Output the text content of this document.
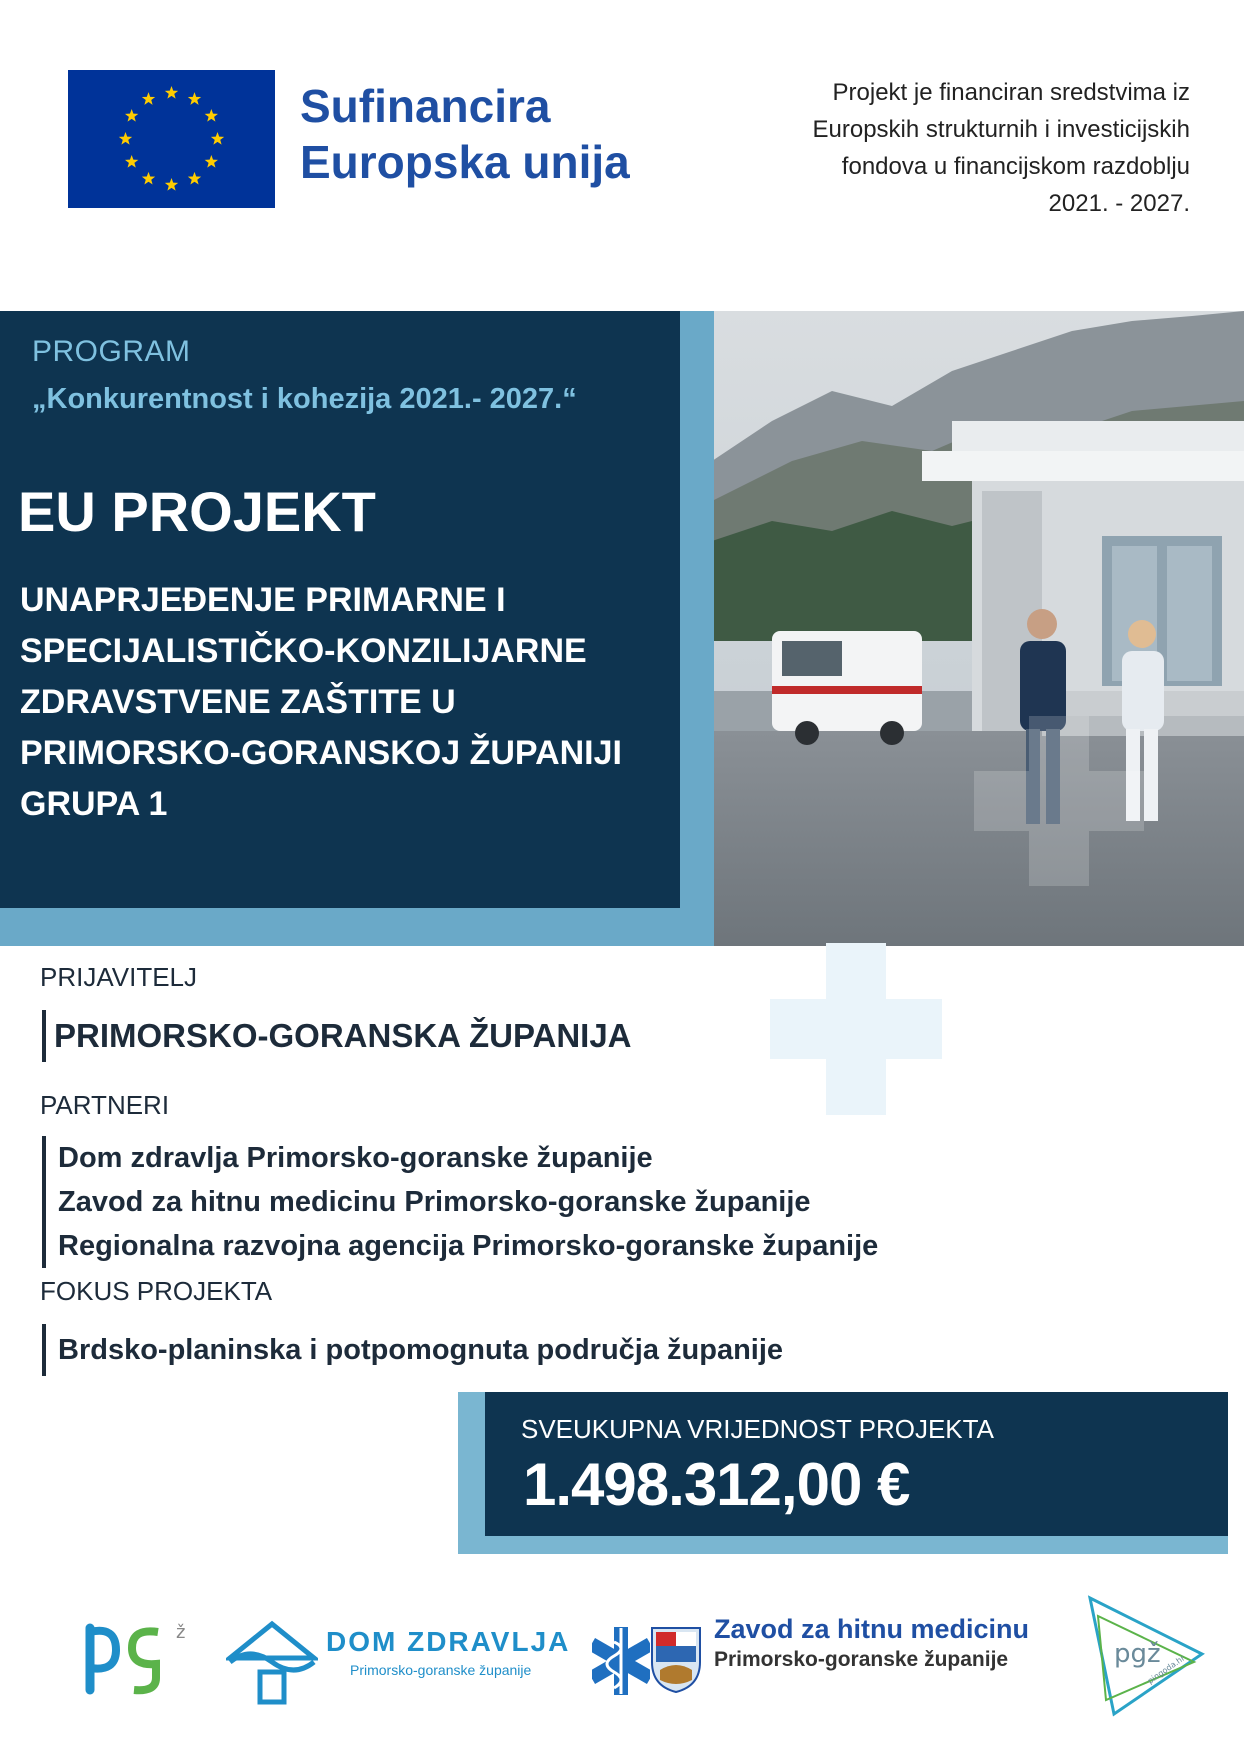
Sufinancira
Europska unija
Projekt je financiran sredstvima iz
Europskih strukturnih i investicijskih
fondova u financijskom razdoblju
2021. - 2027.
PROGRAM
„Konkurentnost i kohezija 2021.- 2027.“
EU PROJEKT
UNAPRJEĐENJE PRIMARNE I
SPECIJALISTIČKO-KONZILIJARNE
ZDRAVSTVENE ZAŠTITE U
PRIMORSKO-GORANSKOJ ŽUPANIJI
GRUPA 1
PRIJAVITELJ
PRIMORSKO-GORANSKA ŽUPANIJA
PARTNERI
Dom zdravlja Primorsko-goranske županije
Zavod za hitnu medicinu Primorsko-goranske županije
Regionalna razvojna agencija Primorsko-goranske županije
FOKUS PROJEKTA
Brdsko-planinska i potpomognuta područja županije
SVEUKUPNA VRIJEDNOST PROJEKTA
1.498.312,00 €
ž	DOM ZDRAVLJA
Primorsko-goranske županije
Zavod za hitnu medicinu
Primorsko-goranske županije	pgž
pingoda.hr
